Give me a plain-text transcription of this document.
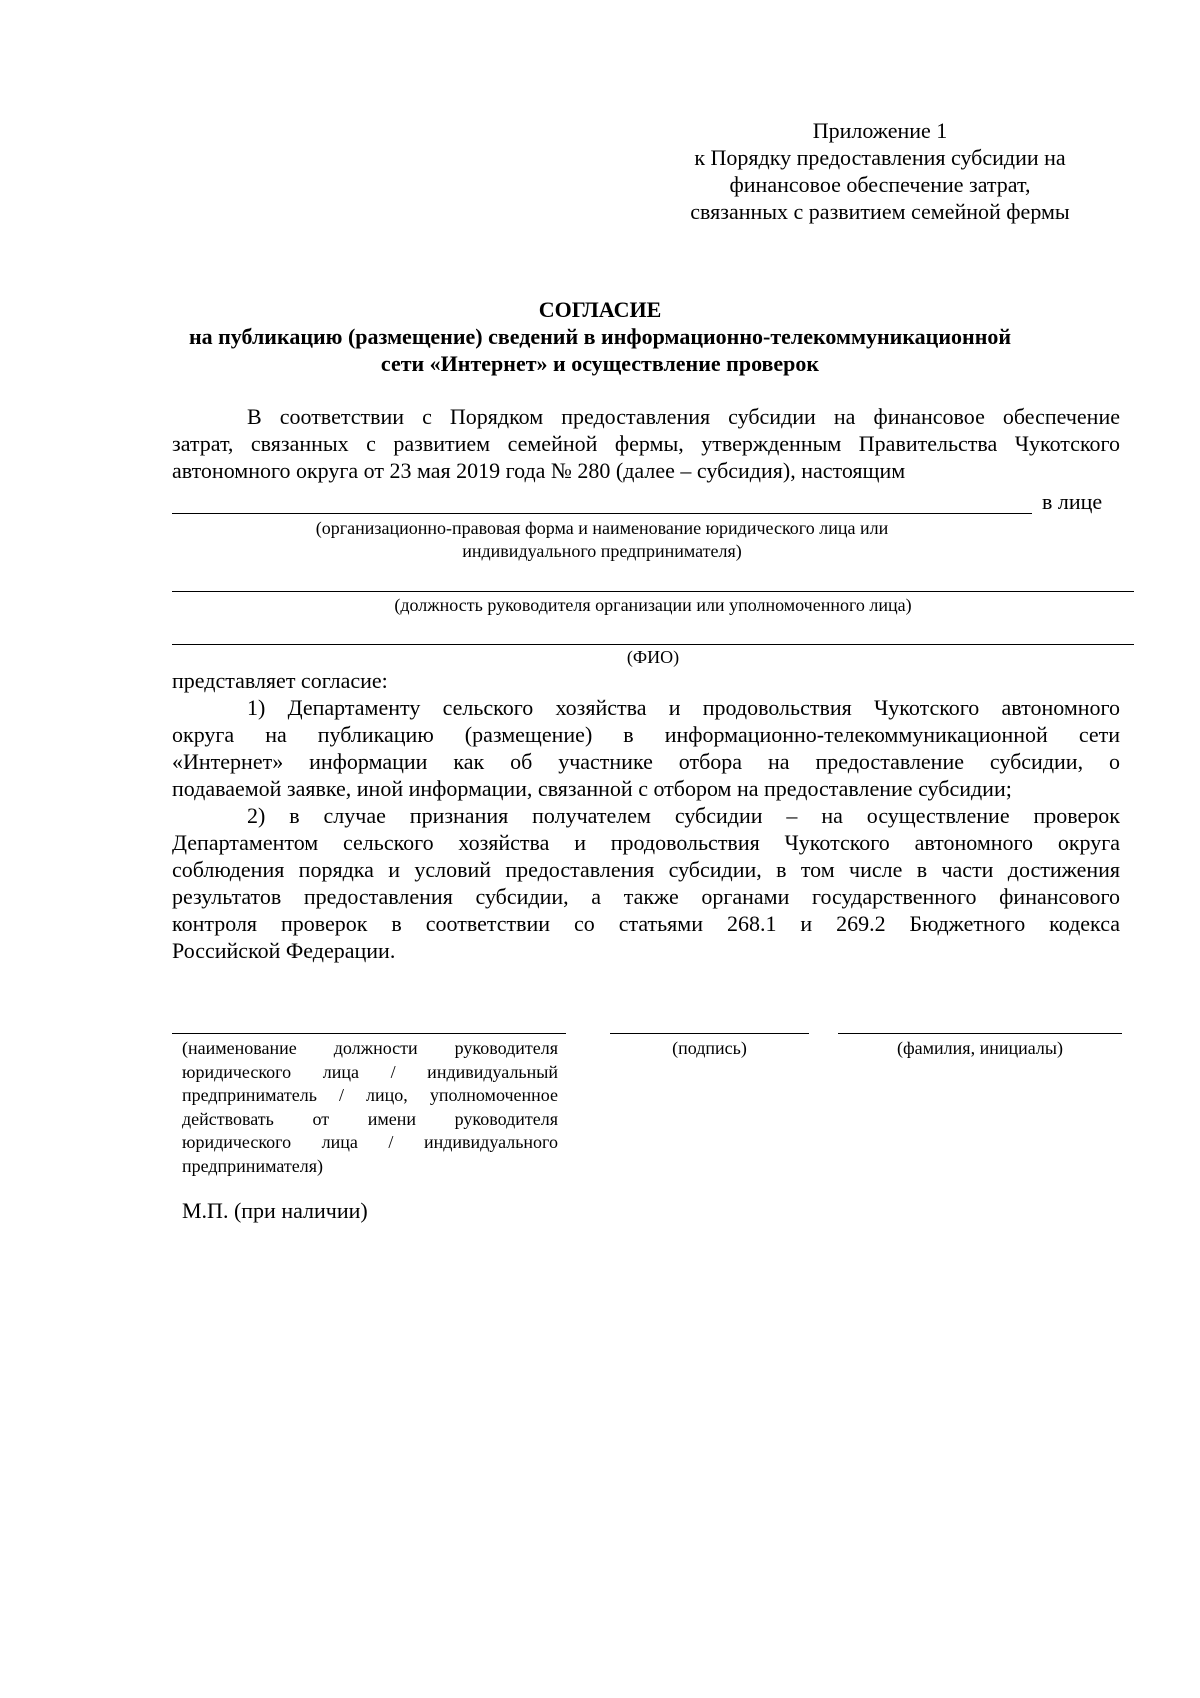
Приложение 1
к Порядку предоставления субсидии на
финансовое обеспечение затрат,
связанных с развитием семейной фермы
СОГЛАСИЕ
на публикацию (размещение) сведений в информационно-телекоммуникационной
сети «Интернет» и осуществление проверок
В соответствии с Порядком предоставления субсидии на финансовое обеспечение
затрат, связанных с развитием семейной фермы, утвержденным Правительства Чукотского
автономного округа от 23 мая 2019 года № 280 (далее – субсидия), настоящим
в лице
(организационно-правовая форма и наименование юридического лица или
индивидуального предпринимателя)
(должность руководителя организации или уполномоченного лица)
(ФИО)
представляет согласие:
1) Департаменту сельского хозяйства и продовольствия Чукотского автономного
округа на публикацию (размещение) в информационно-телекоммуникационной сети
«Интернет» информации как об участнике отбора на предоставление субсидии, о
подаваемой заявке, иной информации, связанной с отбором на предоставление субсидии;
2) в случае признания получателем субсидии – на осуществление проверок
Департаментом сельского хозяйства и продовольствия Чукотского автономного округа
соблюдения порядка и условий предоставления субсидии, в том числе в части достижения
результатов предоставления субсидии, а также органами государственного финансового
контроля проверок в соответствии со статьями 268.1 и 269.2 Бюджетного кодекса
Российской Федерации.
(наименование должности руководителя
юридического лица / индивидуальный
предприниматель / лицо, уполномоченное
действовать от имени руководителя
юридического лица / индивидуального
предпринимателя)
(подпись)	(фамилия, инициалы)
М.П. (при наличии)
